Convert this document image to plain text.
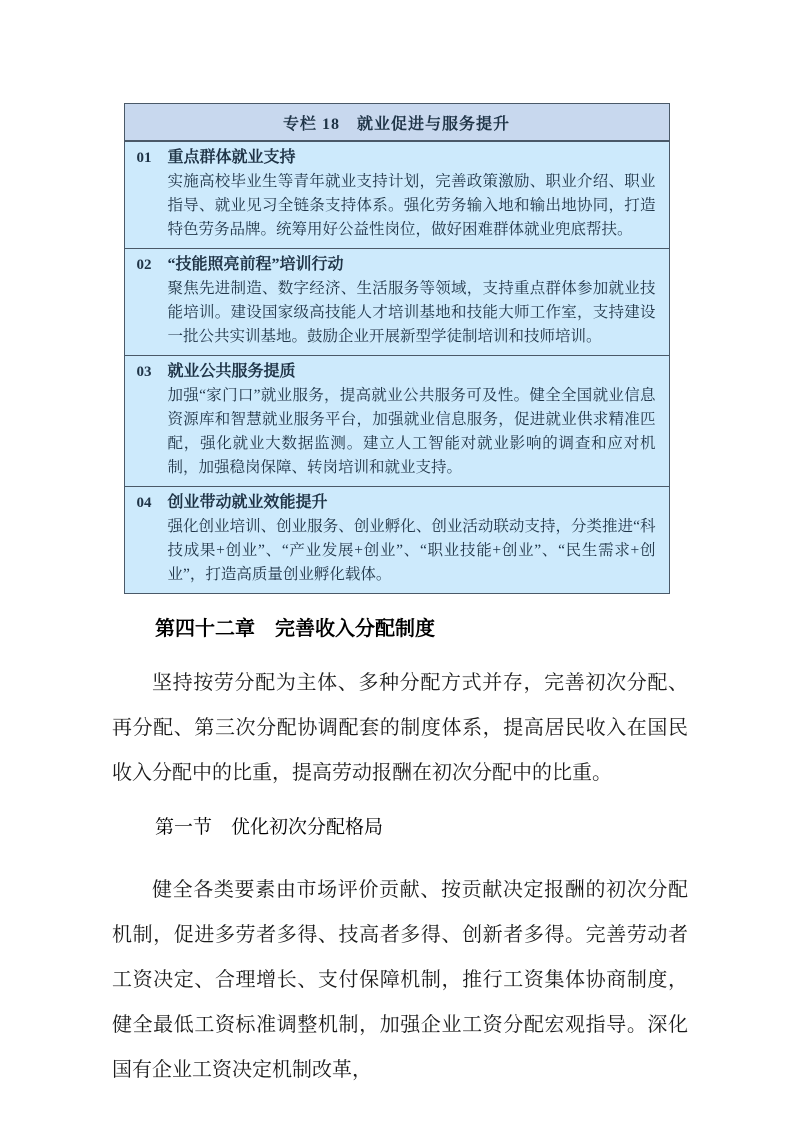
专栏 18　就业促进与服务提升
01	重点群体就业支持
实施高校毕业生等青年就业支持计划，完善政策激励、职业介绍、职业指导、就业见习全链条支持体系。强化劳务输入地和输出地协同，打造特色劳务品牌。统筹用好公益性岗位，做好困难群体就业兜底帮扶。
02	“技能照亮前程”培训行动
聚焦先进制造、数字经济、生活服务等领域，支持重点群体参加就业技能培训。建设国家级高技能人才培训基地和技能大师工作室，支持建设一批公共实训基地。鼓励企业开展新型学徒制培训和技师培训。
03	就业公共服务提质
加强“家门口”就业服务，提高就业公共服务可及性。健全全国就业信息资源库和智慧就业服务平台，加强就业信息服务，促进就业供求精准匹配，强化就业大数据监测。建立人工智能对就业影响的调查和应对机制，加强稳岗保障、转岗培训和就业支持。
04	创业带动就业效能提升
强化创业培训、创业服务、创业孵化、创业活动联动支持，分类推进“科技成果+创业”、“产业发展+创业”、“职业技能+创业”、“民生需求+创业”，打造高质量创业孵化载体。
第四十二章　完善收入分配制度

坚持按劳分配为主体、多种分配方式并存，完善初次分配、再分配、第三次分配协调配套的制度体系，提高居民收入在国民收入分配中的比重，提高劳动报酬在初次分配中的比重。

第一节　优化初次分配格局

健全各类要素由市场评价贡献、按贡献决定报酬的初次分配机制，促进多劳者多得、技高者多得、创新者多得。完善劳动者工资决定、合理增长、支付保障机制，推行工资集体协商制度，健全最低工资标准调整机制，加强企业工资分配宏观指导。深化国有企业工资决定机制改革，
